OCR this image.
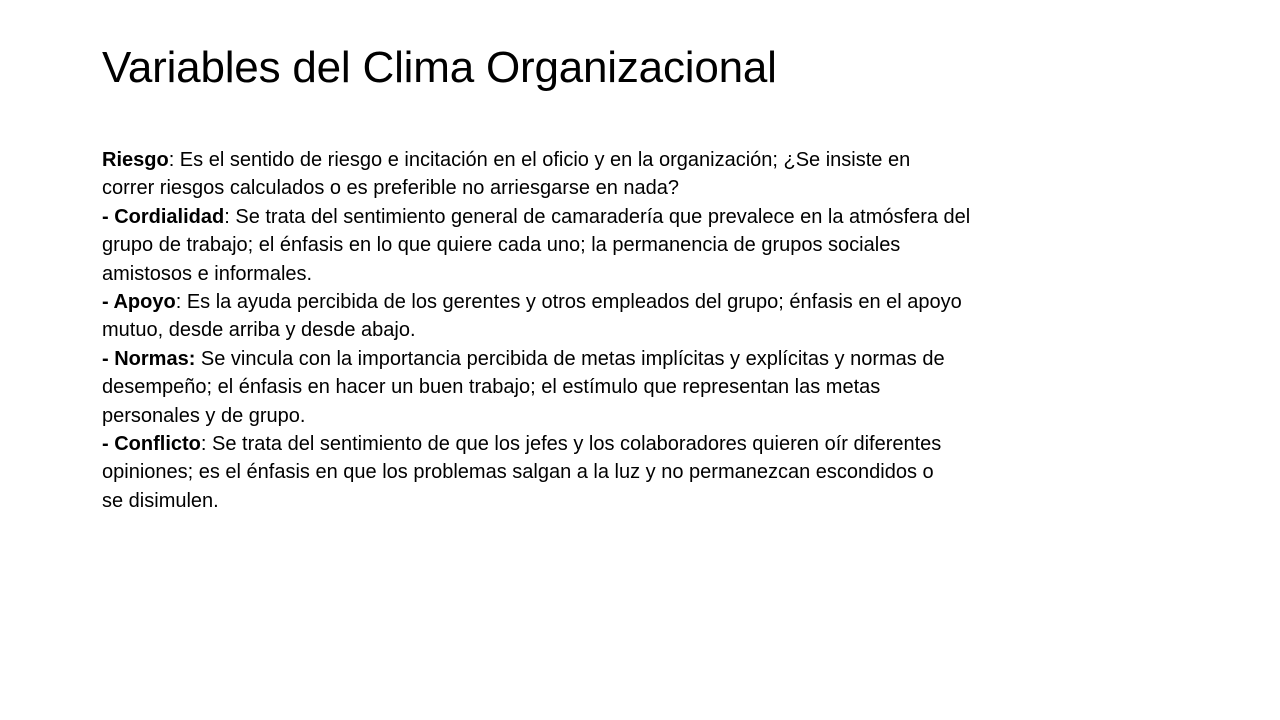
Variables del Clima Organizacional
Riesgo: Es el sentido de riesgo e incitación en el oficio y en la organización; ¿Se insiste en
correr riesgos calculados o es preferible no arriesgarse en nada?
- Cordialidad: Se trata del sentimiento general de camaradería que prevalece en la atmósfera del
grupo de trabajo; el énfasis en lo que quiere cada uno; la permanencia de grupos sociales
amistosos e informales.
- Apoyo: Es la ayuda percibida de los gerentes y otros empleados del grupo; énfasis en el apoyo
mutuo, desde arriba y desde abajo.
- Normas: Se vincula con la importancia percibida de metas implícitas y explícitas y normas de
desempeño; el énfasis en hacer un buen trabajo; el estímulo que representan las metas
personales y de grupo.
- Conflicto: Se trata del sentimiento de que los jefes y los colaboradores quieren oír diferentes
opiniones; es el énfasis en que los problemas salgan a la luz y no permanezcan escondidos o
se disimulen.
